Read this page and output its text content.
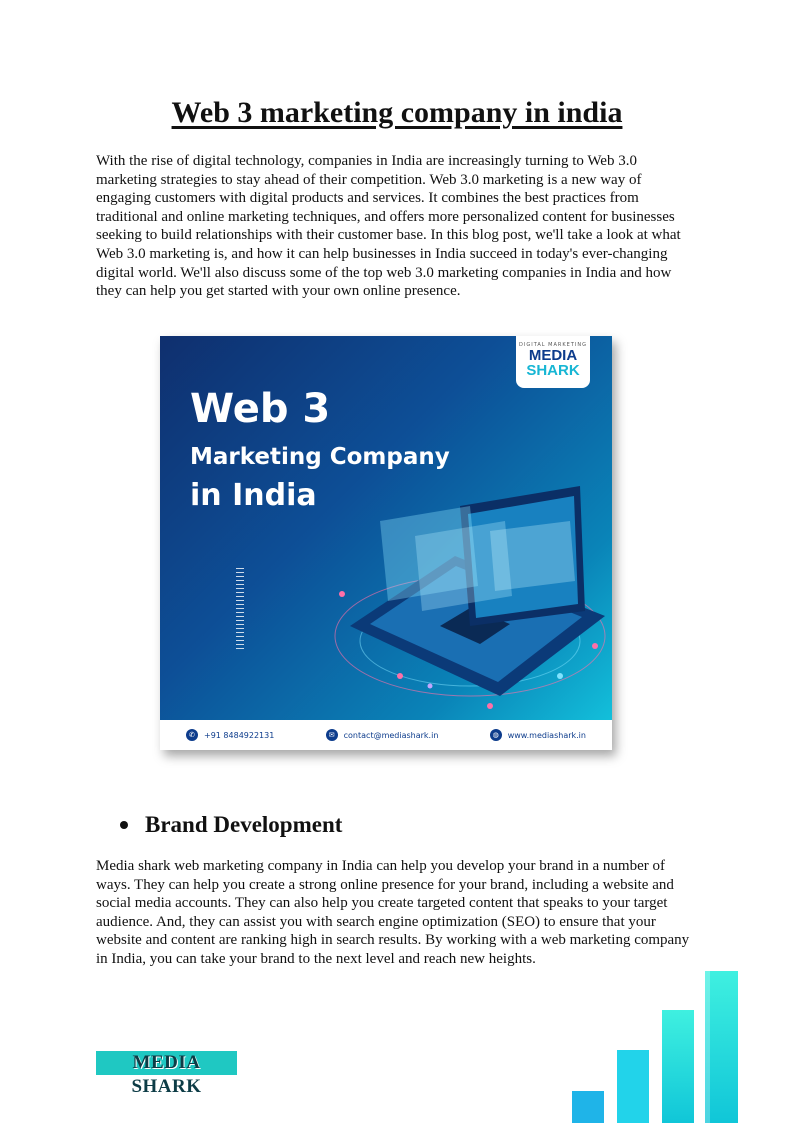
Web 3 marketing company in india

With the rise of digital technology, companies in India are increasingly turning to Web 3.0 marketing strategies to stay ahead of their competition. Web 3.0 marketing is a new way of engaging customers with digital products and services. It combines the best practices from traditional and online marketing techniques, and offers more personalized content for businesses seeking to build relationships with their customer base. In this blog post, we'll take a look at what Web 3.0 marketing is, and how it can help businesses in India succeed in today's ever-changing digital world. We'll also discuss some of the top web 3.0 marketing companies in India and how they can help you get started with your own online presence.

DIGITAL MARKETING
MEDIA
SHARK
Web 3
Marketing Company
in India
✆	+91 8484922131	✉	contact@mediashark.in	◍	www.mediashark.in
Brand Development

Media shark web marketing company in India can help you develop your brand in a number of ways. They can help you create a strong online presence for your brand, including a website and social media accounts. They can also help you create targeted content that speaks to your target audience. And, they can assist you with search engine optimization (SEO) to ensure that your website and content are ranking high in search results. By working with a web marketing company in India, you can take your brand to the next level and reach new heights.

MEDIA SHARK
